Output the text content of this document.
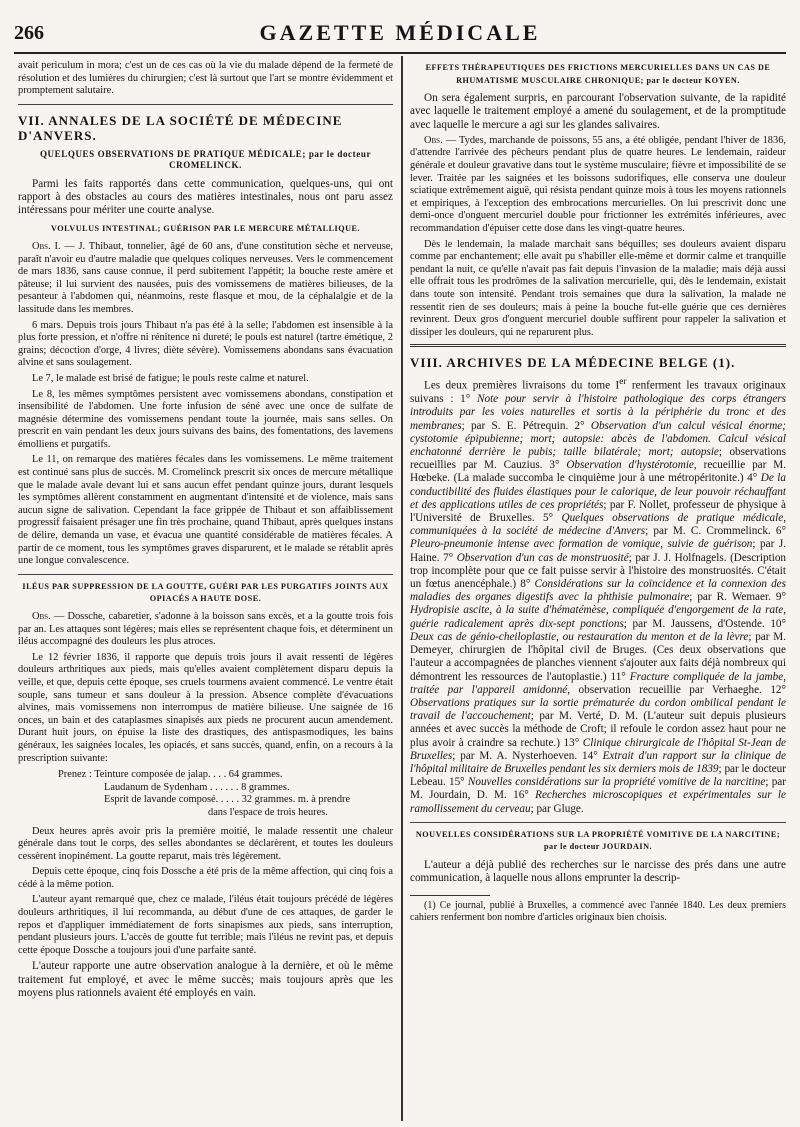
266	GAZETTE MÉDICALE

avait periculum in mora; c'est un de ces cas où la vie du malade dépend de la fermeté de résolution et des lumières du chirurgien; c'est là surtout que l'art se montre évidemment et promptement salutaire.

VII. ANNALES DE LA SOCIÉTÉ DE MÉDECINE D'ANVERS.
QUELQUES OBSERVATIONS DE PRATIQUE MÉDICALE; par le docteur CROMELINCK.

Parmi les faits rapportés dans cette communication, quelques-uns, qui ont rapport à des obstacles au cours des matières intestinales, nous ont paru assez intéressans pour mériter une courte analyse.

VOLVULUS INTESTINAL; GUÉRISON PAR LE MERCURE MÉTALLIQUE.

Obs. I. — J. Thibaut, tonnelier, âgé de 60 ans, d'une constitution sèche et nerveuse, paraît n'avoir eu d'autre maladie que quelques coliques nerveuses. Vers le commencement de mars 1836, sans cause connue, il perd subitement l'appétit; la bouche reste amère et pâteuse; il lui survient des nausées, puis des vomissemens de matières bilieuses, de la pesanteur à l'abdomen qui, néanmoins, reste flasque et mou, de la céphalalgie et de la lassitude dans les membres.

6 mars. Depuis trois jours Thibaut n'a pas été à la selle; l'abdomen est insensible à la plus forte pression, et n'offre ni rénitence ni dureté; le pouls est naturel (tartre émétique, 2 grains; décoction d'orge, 4 livres; diète sévère). Vomissemens abondans sans évacuation alvine et sans soulagement.

Le 7, le malade est brisé de fatigue; le pouls reste calme et naturel.

Le 8, les mêmes symptômes persistent avec vomissemens abondans, constipation et insensibilité de l'abdomen. Une forte infusion de séné avec une once de sulfate de magnésie détermine des vomissemens pendant toute la journée, mais sans selles. On prescrit en vain pendant les deux jours suivans des bains, des fomentations, des lavemens émolliens et purgatifs.

Le 11, on remarque des matières fécales dans les vomissemens. Le même traitement est continué sans plus de succès. M. Cromelinck prescrit six onces de mercure métallique que le malade avale devant lui et sans aucun effet pendant quinze jours, durant lesquels les symptômes allèrent constamment en augmentant d'intensité et de violence, mais sans aucun signe de salivation. Cependant la face grippée de Thibaut et son affaiblissement progressif faisaient présager une fin très prochaine, quand Thibaut, après quelques instans de délire, demanda un vase, et évacua une quantité considérable de matières fécales. A partir de ce moment, tous les symptômes graves disparurent, et le malade se rétablit après une longue convalescence.

ILÉUS PAR SUPPRESSION DE LA GOUTTE, GUÉRI PAR LES PURGATIFS JOINTS AUX OPIACÉS A HAUTE DOSE.

Obs. — Dossche, cabaretier, s'adonne à la boisson sans excès, et a la goutte trois fois par an. Les attaques sont légères; mais elles se représentent chaque fois, et déterminent un iléus accompagné des douleurs les plus atroces.

Le 12 février 1836, il rapporte que depuis trois jours il avait ressenti de légères douleurs arthritiques aux pieds, mais qu'elles avaient complètement disparu depuis la veille, et que, depuis cette époque, ses cruels tourmens avaient commencé. Le ventre était souple, sans tumeur et sans douleur à la pression. Absence complète d'évacuations alvines, mais vomissemens non interrompus de matière bilieuse. Une saignée de 16 onces, un bain et des cataplasmes sinapisés aux pieds ne procurent aucun amendement. Durant huit jours, on épuise la liste des drastiques, des antispasmodiques, les bains généraux, les saignées locales, les opiacés, et sans succès, quand, enfin, on a recours à la prescription suivante:

Prenez : Teinture composée de jalap. . . . 64 grammes.
Laudanum de Sydenham . . . . . . 8 grammes.
Esprit de lavande composé. . . . . 32 grammes. m. à prendre
dans l'espace de trois heures.

Deux heures après avoir pris la première moitié, le malade ressentit une chaleur générale dans tout le corps, des selles abondantes se déclarèrent, et toutes les douleurs cessèrent inopinément. La goutte reparut, mais très légèrement.

Depuis cette époque, cinq fois Dossche a été pris de la même affection, qui cinq fois a cédé à la même potion.

L'auteur ayant remarqué que, chez ce malade, l'iléus était toujours précédé de légères douleurs arthritiques, il lui recommanda, au début d'une de ces attaques, de garder le repos et d'appliquer immédiatement de forts sinapismes aux pieds, sans interruption, pendant plusieurs jours. L'accès de goutte fut terrible; mais l'iléus ne revint pas, et depuis cette époque Dossche a toujours joui d'une parfaite santé.

L'auteur rapporte une autre observation analogue à la dernière, et où le même traitement fut employé, et avec le même succès; mais toujours après que les moyens plus rationnels avaient été employés en vain.

EFFETS THÉRAPEUTIQUES DES FRICTIONS MERCURIELLES DANS UN CAS DE RHUMATISME MUSCULAIRE CHRONIQUE; par le docteur KOYEN.

On sera également surpris, en parcourant l'observation suivante, de la rapidité avec laquelle le traitement employé a amené du soulagement, et de la promptitude avec laquelle le mercure a agi sur les glandes salivaires.

Obs. — Tydes, marchande de poissons, 55 ans, a été obligée, pendant l'hiver de 1836, d'attendre l'arrivée des pêcheurs pendant plus de quatre heures. Le lendemain, raideur générale et douleur gravative dans tout le système musculaire; fièvre et impossibilité de se lever. Traitée par les saignées et les boissons sudorifiques, elle conserva une douleur sciatique extrêmement aiguë, qui résista pendant quinze mois à tous les moyens rationnels et empiriques, à l'exception des embrocations mercurielles. On lui prescrivit donc une demi-once d'onguent mercuriel double pour frictionner les extrémités inférieures, avec recommandation d'épuiser cette dose dans les vingt-quatre heures.

Dès le lendemain, la malade marchait sans béquilles; ses douleurs avaient disparu comme par enchantement; elle avait pu s'habiller elle-même et dormir calme et tranquille pendant la nuit, ce qu'elle n'avait pas fait depuis l'invasion de la maladie; mais déjà aussi elle offrait tous les prodrômes de la salivation mercurielle, qui, dès le lendemain, existait dans toute son intensité. Pendant trois semaines que dura la salivation, la malade ne ressentit rien de ses douleurs; mais à peine la bouche fut-elle guérie que ces dernières revinrent. Deux gros d'onguent mercuriel double suffirent pour rappeler la salivation et dissiper les douleurs, qui ne reparurent plus.

VIII. ARCHIVES DE LA MÉDECINE BELGE (1).

Les deux premières livraisons du tome Ier renferment les travaux originaux suivans : 1° Note pour servir à l'histoire pathologique des corps étrangers introduits par les voies naturelles et sortis à la périphérie du tronc et des membranes; par S. E. Pétrequin. 2° Observation d'un calcul vésical énorme; cystotomie épipubienne; mort; autopsie: abcès de l'abdomen. Calcul vésical enchatonné derrière le pubis; taille bilatérale; mort; autopsie; observations recueillies par M. Cauzius. 3° Observation d'hystérotomie, recueillie par M. Hœbeke. (La malade succomba le cinquième jour à une métropéritonite.) 4° De la conductibilité des fluides élastiques pour le calorique, de leur pouvoir réchauffant et des applications utiles de ces propriétés; par F. Nollet, professeur de physique à l'Université de Bruxelles. 5° Quelques observations de pratique médicale, communiquées à la société de médecine d'Anvers; par M. C. Crommelinck. 6° Pleuro-pneumonie intense avec formation de vomique, suivie de guérison; par J. Haine. 7° Observation d'un cas de monstruosité; par J. J. Holfnagels. (Description trop incomplète pour que ce fait puisse servir à l'histoire des monstruosités. C'était un fœtus anencéphale.) 8° Considérations sur la coïncidence et la connexion des maladies des organes digestifs avec la phthisie pulmonaire; par R. Wemaer. 9° Hydropisie ascite, à la suite d'hématémèse, compliquée d'engorgement de la rate, guérie radicalement après dix-sept ponctions; par M. Jaussens, d'Ostende. 10° Deux cas de génio-cheiloplastie, ou restauration du menton et de la lèvre; par M. Demeyer, chirurgien de l'hôpital civil de Bruges. (Ces deux observations que l'auteur a accompagnées de planches viennent s'ajouter aux faits déjà nombreux qui démontrent les ressources de l'autoplastie.) 11° Fracture compliquée de la jambe, traitée par l'appareil amidonné, observation recueillie par Verhaeghe. 12° Observations pratiques sur la sortie prématurée du cordon ombilical pendant le travail de l'accouchement; par M. Verté, D. M. (L'auteur suit depuis plusieurs années et avec succès la méthode de Croft; il refoule le cordon assez haut pour ne plus avoir à craindre sa rechute.) 13° Clinique chirurgicale de l'hôpital St-Jean de Bruxelles; par M. A. Nysterhoeven. 14° Extrait d'un rapport sur la clinique de l'hôpital militaire de Bruxelles pendant les six derniers mois de 1839; par le docteur Lebeau. 15° Nouvelles considérations sur la propriété vomitive de la narcitine; par M. Jourdain, D. M. 16° Recherches microscopiques et expérimentales sur le ramollissement du cerveau; par Gluge.

NOUVELLES CONSIDÉRATIONS SUR LA PROPRIÉTÉ VOMITIVE DE LA NARCITINE; par le docteur JOURDAIN.

L'auteur a déjà publié des recherches sur le narcisse des prés dans une autre communication, à laquelle nous allons emprunter la descrip-

(1) Ce journal, publié à Bruxelles, a commencé avec l'année 1840. Les deux premiers cahiers renferment bon nombre d'articles originaux bien choisis.
